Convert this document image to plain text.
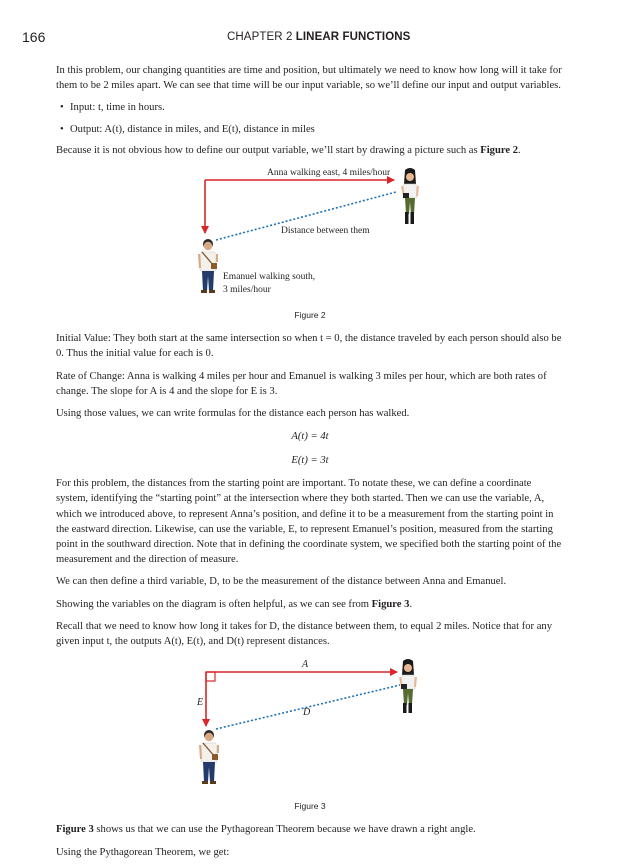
166	CHAPTER 2 LINEAR FUNCTIONS

In this problem, our changing quantities are time and position, but ultimately we need to know how long will it take for them to be 2 miles apart. We can see that time will be our input variable, so we’ll define our input and output variables.

• Input: t, time in hours.
• Output: A(t), distance in miles, and E(t), distance in miles

Because it is not obvious how to define our output variable, we’ll start by drawing a picture such as Figure 2.

Anna walking east, 4 miles/hour
Distance between them
Emanuel walking south,
3 miles/hour
Figure 2

Initial Value: They both start at the same intersection so when t = 0, the distance traveled by each person should also be 0. Thus the initial value for each is 0.

Rate of Change: Anna is walking 4 miles per hour and Emanuel is walking 3 miles per hour, which are both rates of change. The slope for A is 4 and the slope for E is 3.

Using those values, we can write formulas for the distance each person has walked.

A(t) = 4t

E(t) = 3t

For this problem, the distances from the starting point are important. To notate these, we can define a coordinate system, identifying the “starting point” at the intersection where they both started. Then we can use the variable, A, which we introduced above, to represent Anna’s position, and define it to be a measurement from the starting point in the eastward direction. Likewise, can use the variable, E, to represent Emanuel’s position, measured from the starting point in the southward direction. Note that in defining the coordinate system, we specified both the starting point of the measurement and the direction of measure.

We can then define a third variable, D, to be the measurement of the distance between Anna and Emanuel.

Showing the variables on the diagram is often helpful, as we can see from Figure 3.

Recall that we need to know how long it takes for D, the distance between them, to equal 2 miles. Notice that for any given input t, the outputs A(t), E(t), and D(t) represent distances.

A
E
D
Figure 3

Figure 3 shows us that we can use the Pythagorean Theorem because we have drawn a right angle.

Using the Pythagorean Theorem, we get:
